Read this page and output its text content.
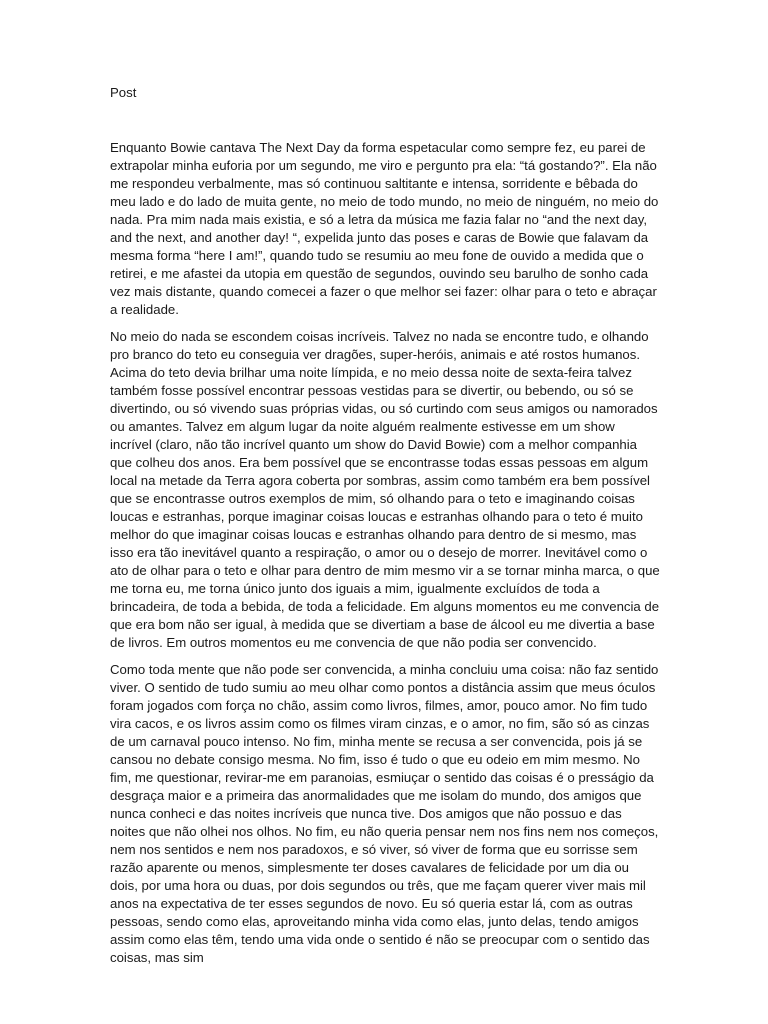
Post

Enquanto Bowie cantava The Next Day da forma espetacular como sempre fez, eu parei de extrapolar minha euforia por um segundo, me viro e pergunto pra ela: “tá gostando?”. Ela não me respondeu verbalmente, mas só continuou saltitante e intensa, sorridente e bêbada do meu lado e do lado de muita gente, no meio de todo mundo, no meio de ninguém, no meio do nada. Pra mim nada mais existia, e só a letra da música me fazia falar no “and the next day, and the next, and another day! “, expelida junto das poses e caras de Bowie que falavam da mesma forma “here I am!”, quando tudo se resumiu ao meu fone de ouvido a medida que o retirei, e me afastei da utopia em questão de segundos, ouvindo seu barulho de sonho cada vez mais distante, quando comecei a fazer o que melhor sei fazer: olhar para o teto e abraçar a realidade.

No meio do nada se escondem coisas incríveis. Talvez no nada se encontre tudo, e olhando pro branco do teto eu conseguia ver dragões, super-heróis, animais e até rostos humanos. Acima do teto devia brilhar uma noite límpida, e no meio dessa noite de sexta-feira talvez também fosse possível encontrar pessoas vestidas para se divertir, ou bebendo, ou só se divertindo, ou só vivendo suas próprias vidas, ou só curtindo com seus amigos ou namorados ou amantes. Talvez em algum lugar da noite alguém realmente estivesse em um show incrível (claro, não tão incrível quanto um show do David Bowie) com a melhor companhia que colheu dos anos. Era bem possível que se encontrasse todas essas pessoas em algum local na metade da Terra agora coberta por sombras, assim como também era bem possível que se encontrasse outros exemplos de mim, só olhando para o teto e imaginando coisas loucas e estranhas, porque imaginar coisas loucas e estranhas olhando para o teto é muito melhor do que imaginar coisas loucas e estranhas olhando para dentro de si mesmo, mas isso era tão inevitável quanto a respiração, o amor ou o desejo de morrer. Inevitável como o ato de olhar para o teto e olhar para dentro de mim mesmo vir a se tornar minha marca, o que me torna eu, me torna único junto dos iguais a mim, igualmente excluídos de toda a brincadeira, de toda a bebida, de toda a felicidade. Em alguns momentos eu me convencia de que era bom não ser igual, à medida que se divertiam a base de álcool eu me divertia a base de livros. Em outros momentos eu me convencia de que não podia ser convencido.

Como toda mente que não pode ser convencida, a minha concluiu uma coisa: não faz sentido viver. O sentido de tudo sumiu ao meu olhar como pontos a distância assim que meus óculos foram jogados com força no chão, assim como livros, filmes, amor, pouco amor. No fim tudo vira cacos, e os livros assim como os filmes viram cinzas, e o amor, no fim, são só as cinzas de um carnaval pouco intenso. No fim, minha mente se recusa a ser convencida, pois já se cansou no debate consigo mesma. No fim, isso é tudo o que eu odeio em mim mesmo. No fim, me questionar, revirar-me em paranoias, esmiuçar o sentido das coisas é o presságio da desgraça maior e a primeira das anormalidades que me isolam do mundo, dos amigos que nunca conheci e das noites incríveis que nunca tive. Dos amigos que não possuo e das noites que não olhei nos olhos. No fim, eu não queria pensar nem nos fins nem nos começos, nem nos sentidos e nem nos paradoxos, e só viver, só viver de forma que eu sorrisse sem razão aparente ou menos, simplesmente ter doses cavalares de felicidade por um dia ou dois, por uma hora ou duas, por dois segundos ou três, que me façam querer viver mais mil anos na expectativa de ter esses segundos de novo. Eu só queria estar lá, com as outras pessoas, sendo como elas, aproveitando minha vida como elas, junto delas, tendo amigos assim como elas têm, tendo uma vida onde o sentido é não se preocupar com o sentido das coisas, mas sim
